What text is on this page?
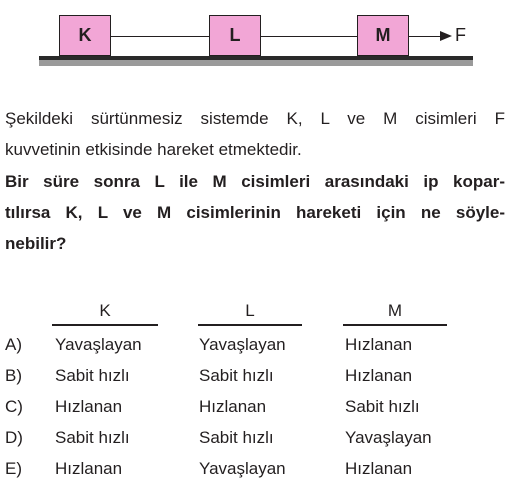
K	L	M	F

Şekildeki sürtünmesiz sistemde K, L ve M cisimleri F
kuvvetinin etkisinde hareket etmektedir.

Bir süre sonra L ile M cisimleri arasındaki ip kopar-
tılırsa K, L ve M cisimlerinin hareketi için ne söyle-
nebilir?

K	L	M
A) Yavaşlayan	Yavaşlayan	Hızlanan
B) Sabit hızlı	Sabit hızlı	Hızlanan
C) Hızlanan	Hızlanan	Sabit hızlı
D) Sabit hızlı	Sabit hızlı	Yavaşlayan
E) Hızlanan	Yavaşlayan	Hızlanan
